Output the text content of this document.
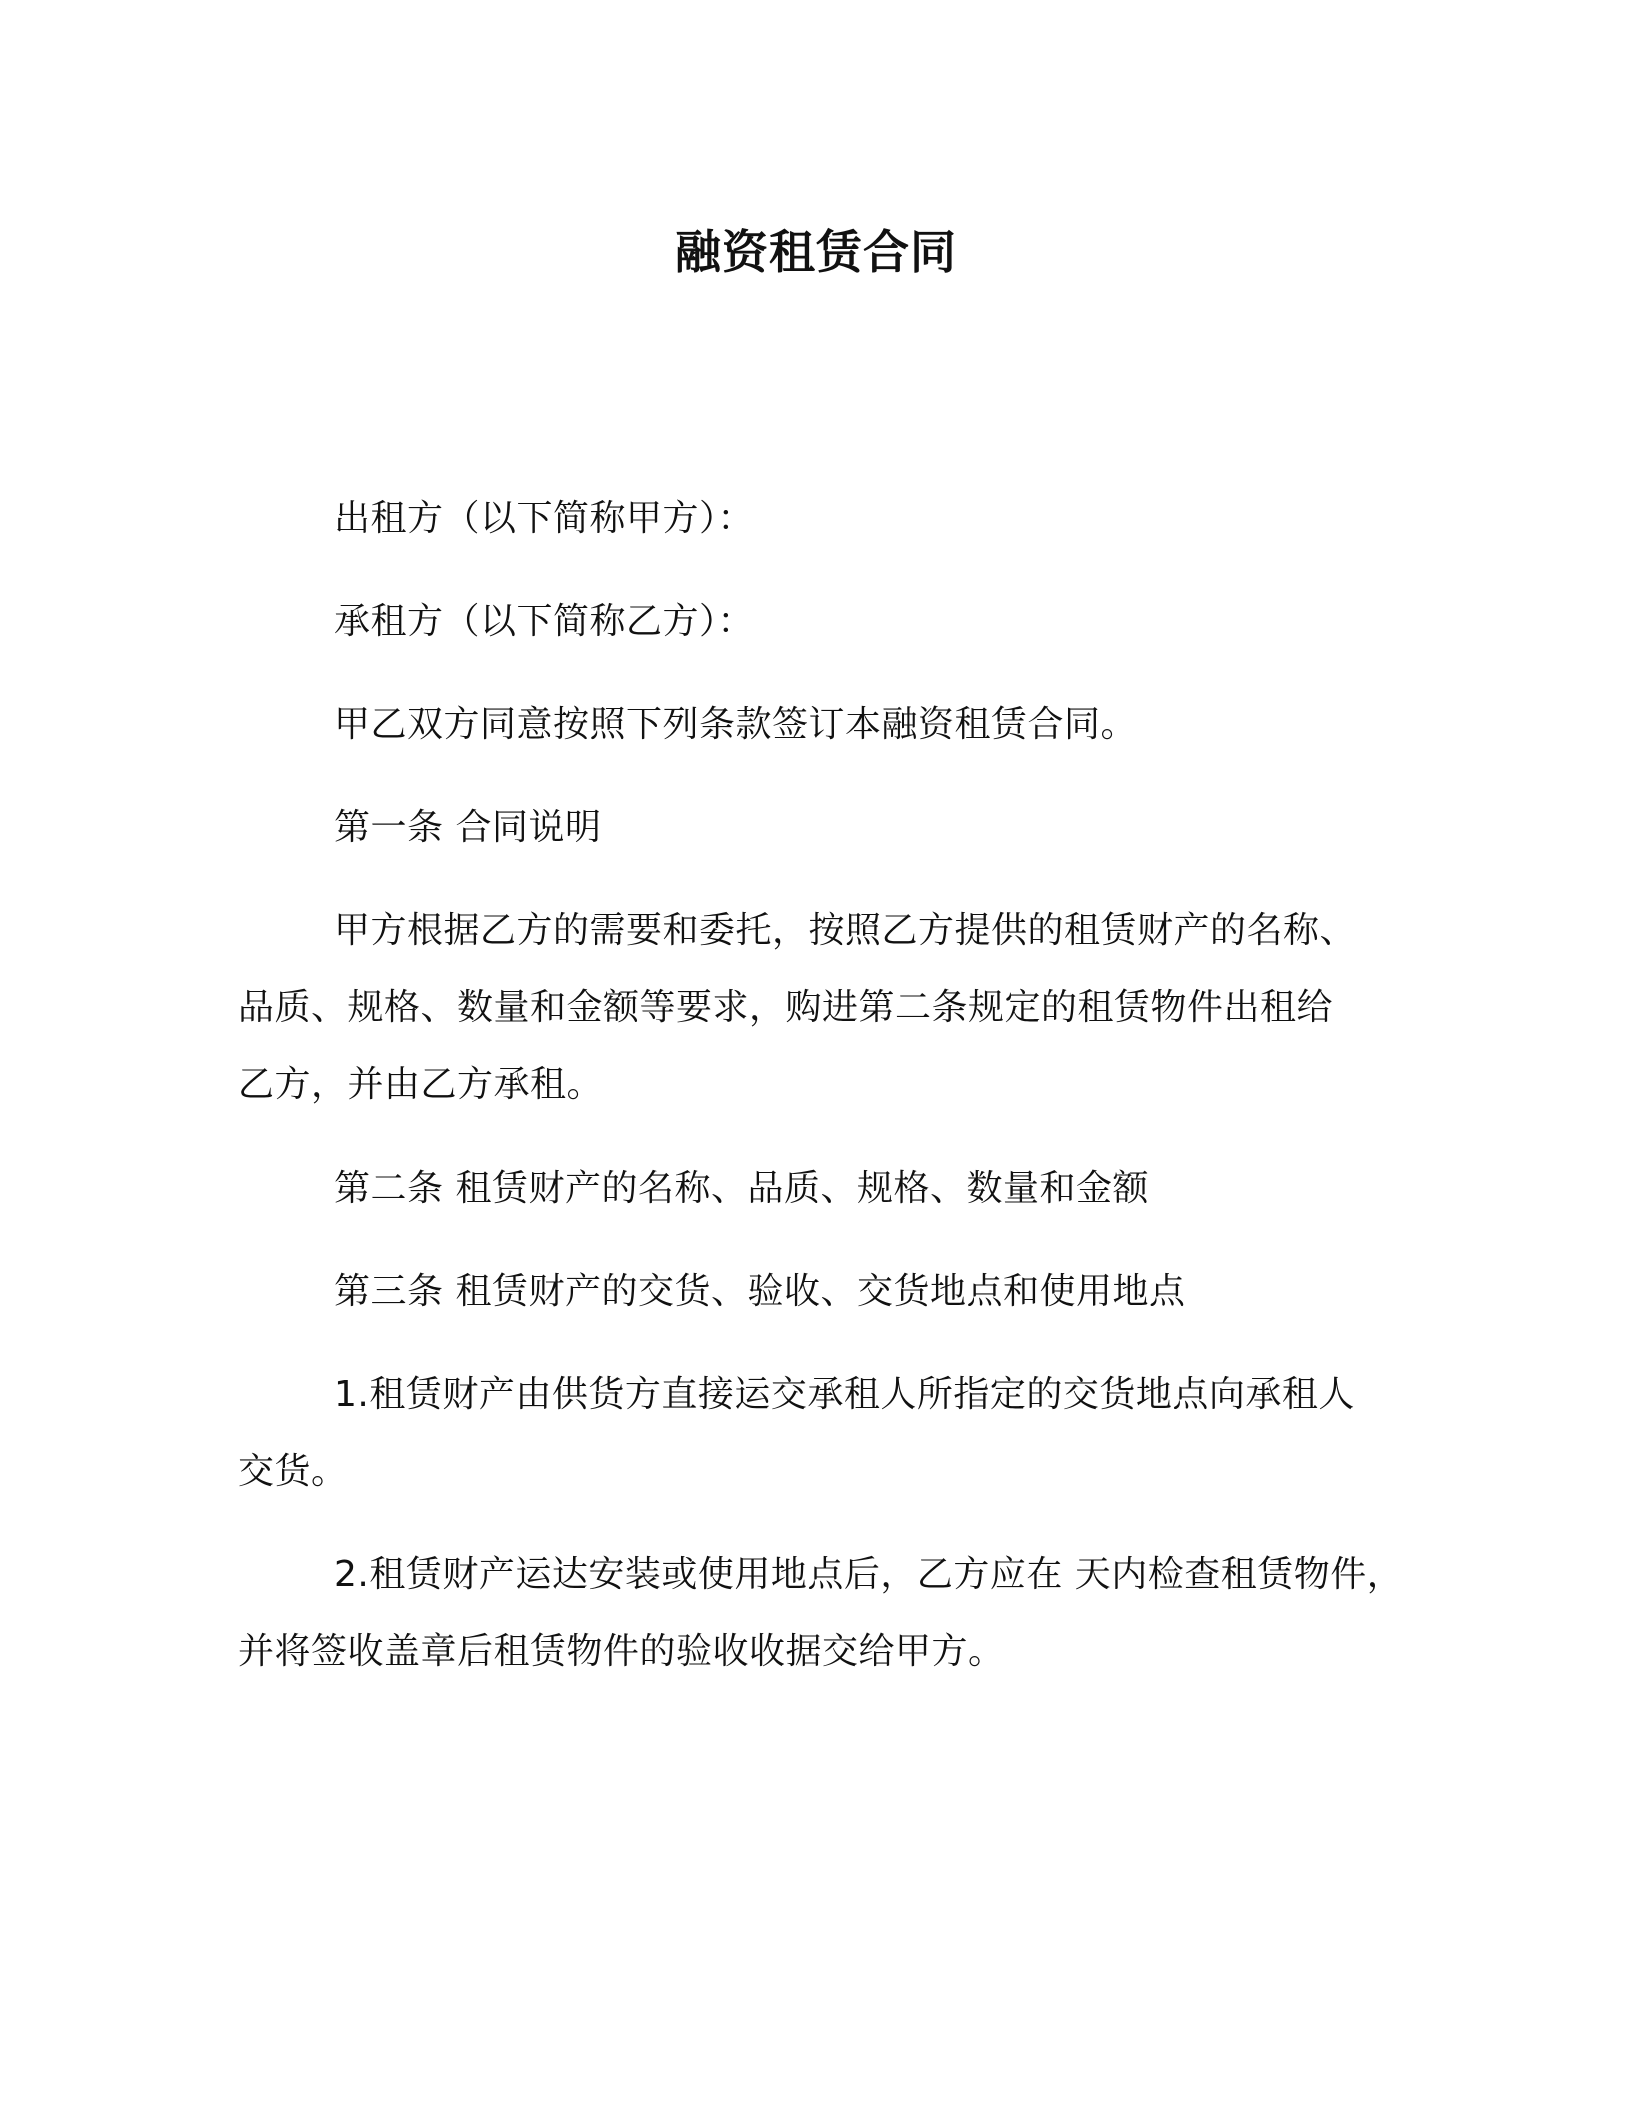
融资租赁合同
出租方（以下简称甲方）：
承租方（以下简称乙方）：
甲乙双方同意按照下列条款签订本融资租赁合同。
第一条 合同说明
甲方根据乙方的需要和委托，按照乙方提供的租赁财产的名称、
品质、规格、数量和金额等要求，购进第二条规定的租赁物件出租给
乙方，并由乙方承租。
第二条 租赁财产的名称、品质、规格、数量和金额
第三条 租赁财产的交货、验收、交货地点和使用地点
1.租赁财产由供货方直接运交承租人所指定的交货地点向承租人
交货。
2.租赁财产运达安装或使用地点后，乙方应在 天内检查租赁物件，
并将签收盖章后租赁物件的验收收据交给甲方。
